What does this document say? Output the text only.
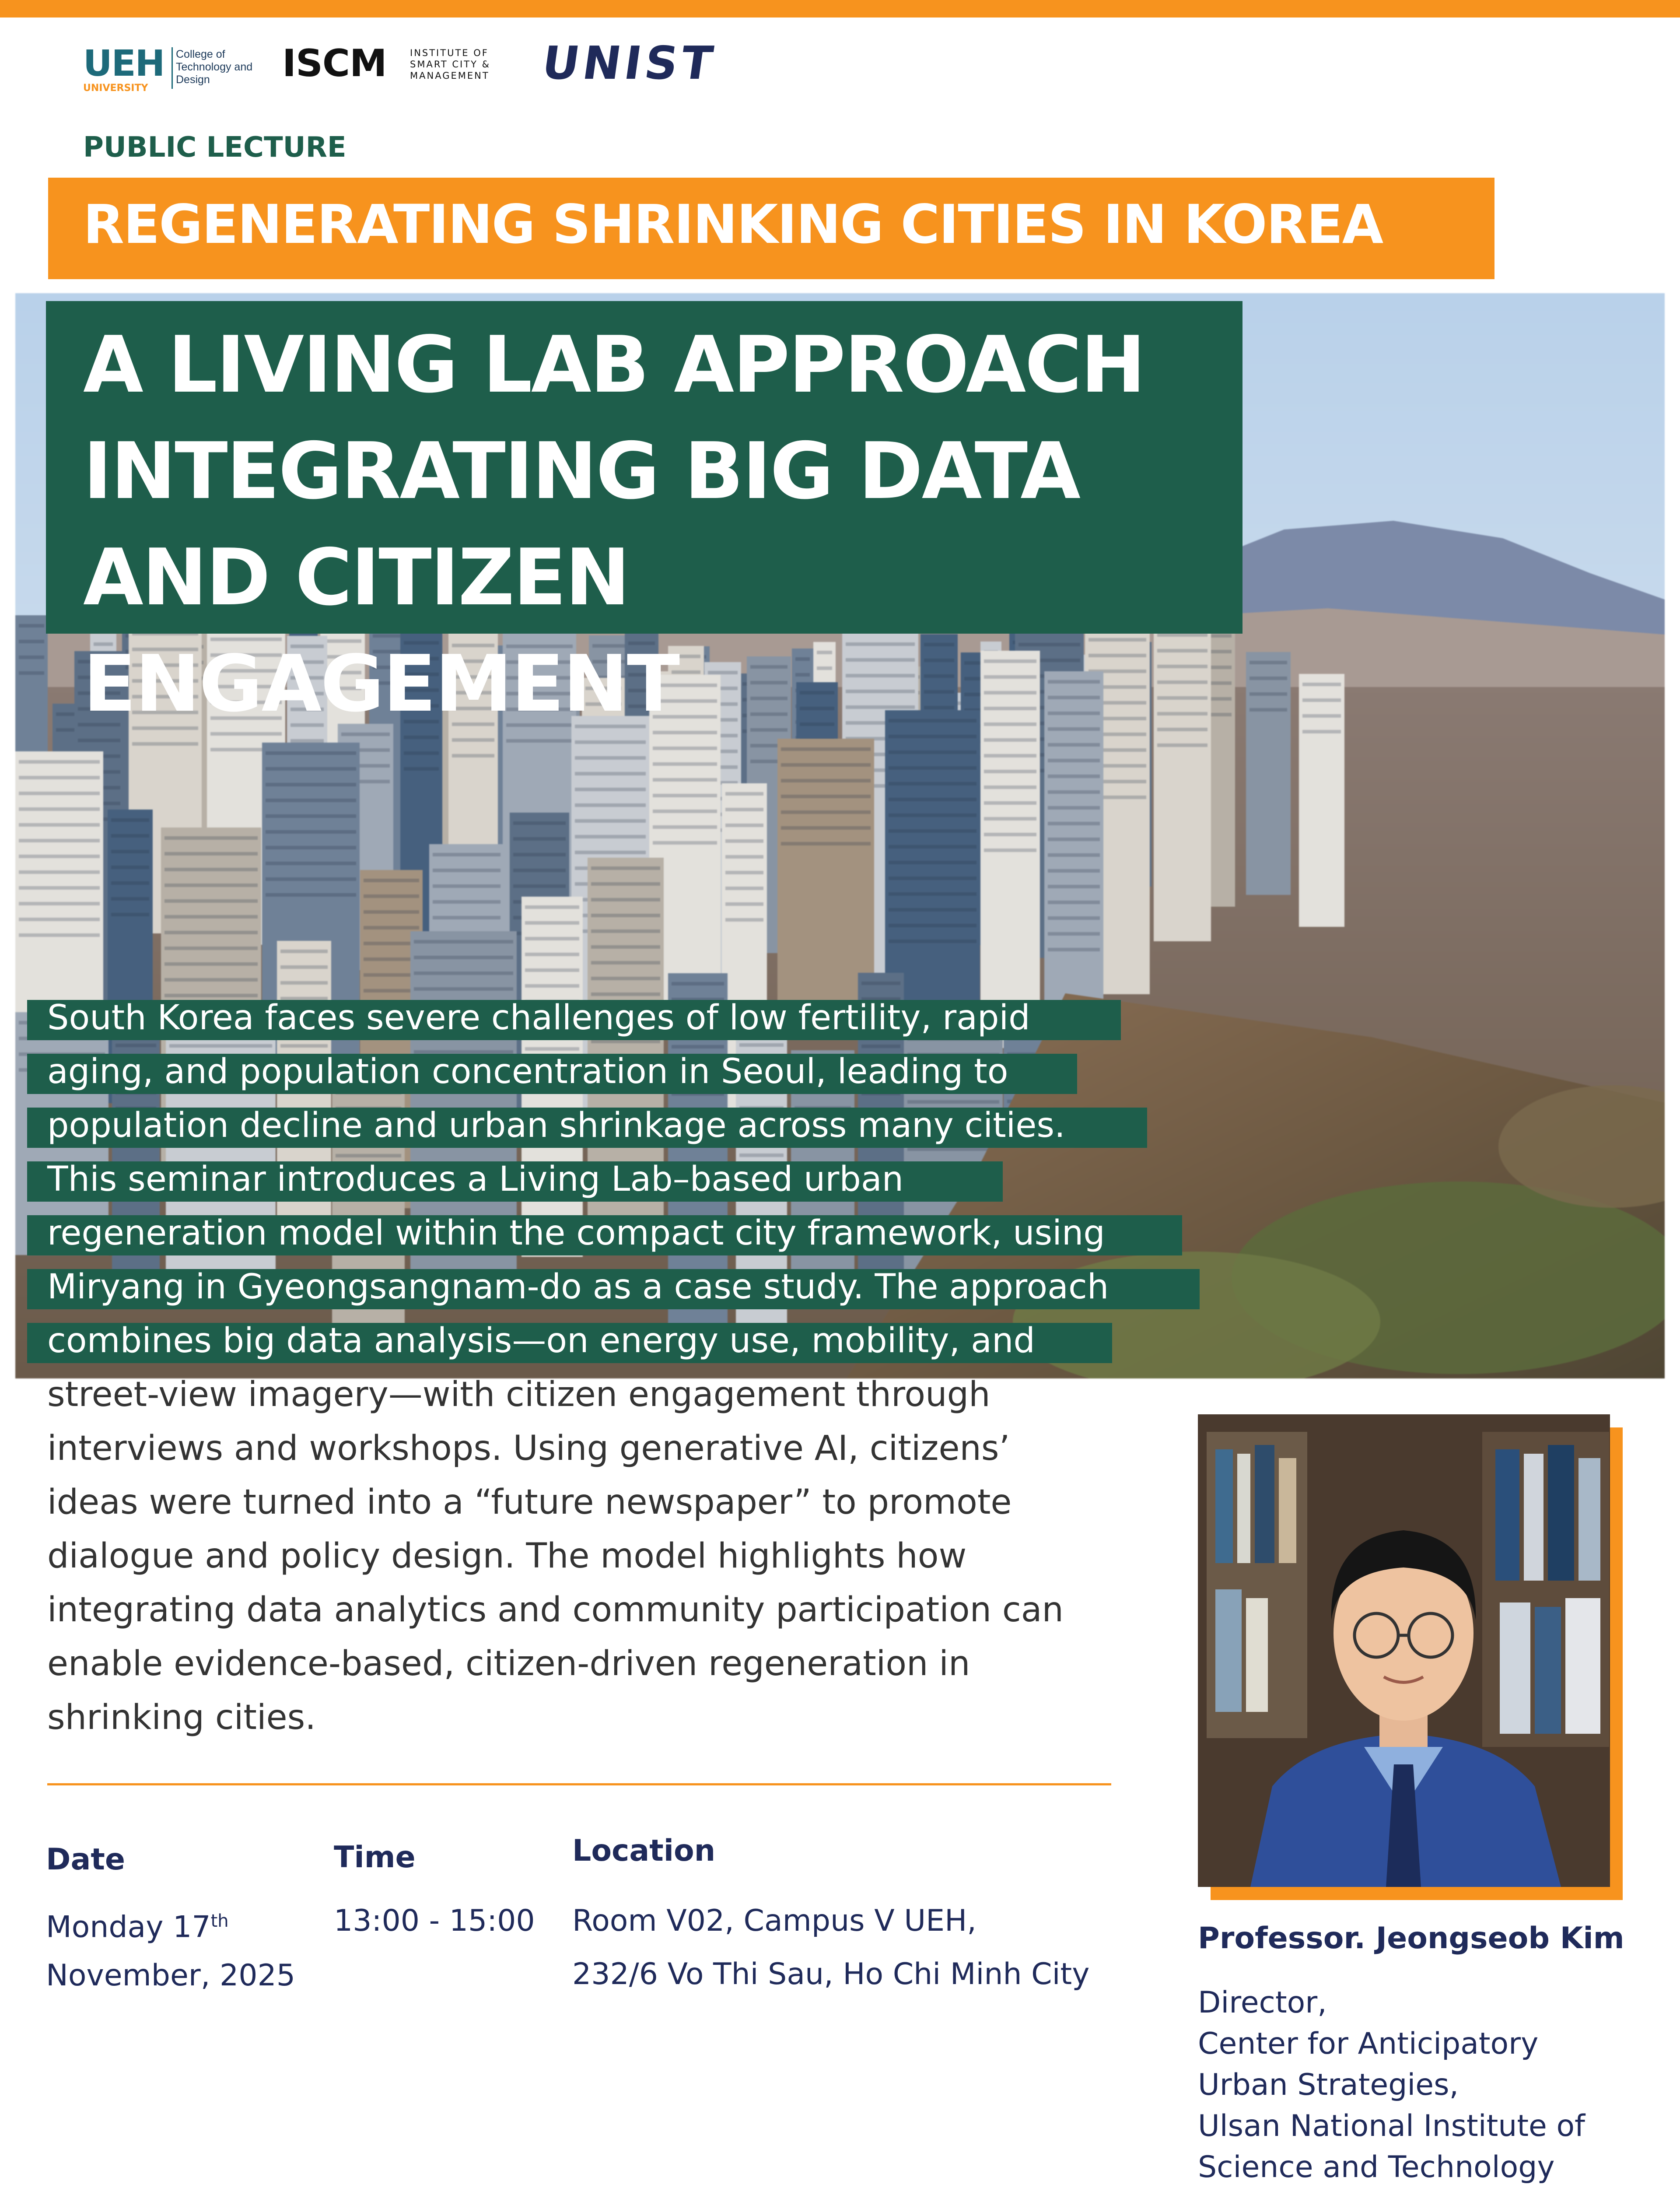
UEH
UNIVERSITY
College of Technology and Design	ISCM	INSTITUTE OF SMART CITY & MANAGEMENT	UNIST
PUBLIC LECTURE
REGENERATING SHRINKING CITIES IN KOREA
A LIVING LAB APPROACH
INTEGRATING BIG DATA
AND CITIZEN ENGAGEMENT
South Korea faces severe challenges of low fertility, rapid
aging, and population concentration in Seoul, leading to
population decline and urban shrinkage across many cities.
This seminar introduces a Living Lab–based urban
regeneration model within the compact city framework, using
Miryang in Gyeongsangnam-do as a case study. The approach
combines big data analysis—on energy use, mobility, and
street-view imagery—with citizen engagement through
interviews and workshops. Using generative AI, citizens’
ideas were turned into a “future newspaper” to promote
dialogue and policy design. The model highlights how
integrating data analytics and community participation can
enable evidence-based, citizen-driven regeneration in
shrinking cities.
Date
Monday 17th
November, 2025
Time
13:00 - 15:00
Location
Room V02, Campus V UEH,
232/6 Vo Thi Sau, Ho Chi Minh City
Professor. Jeongseob Kim
Director,
Center for Anticipatory
Urban Strategies,
Ulsan National Institute of
Science and Technology
